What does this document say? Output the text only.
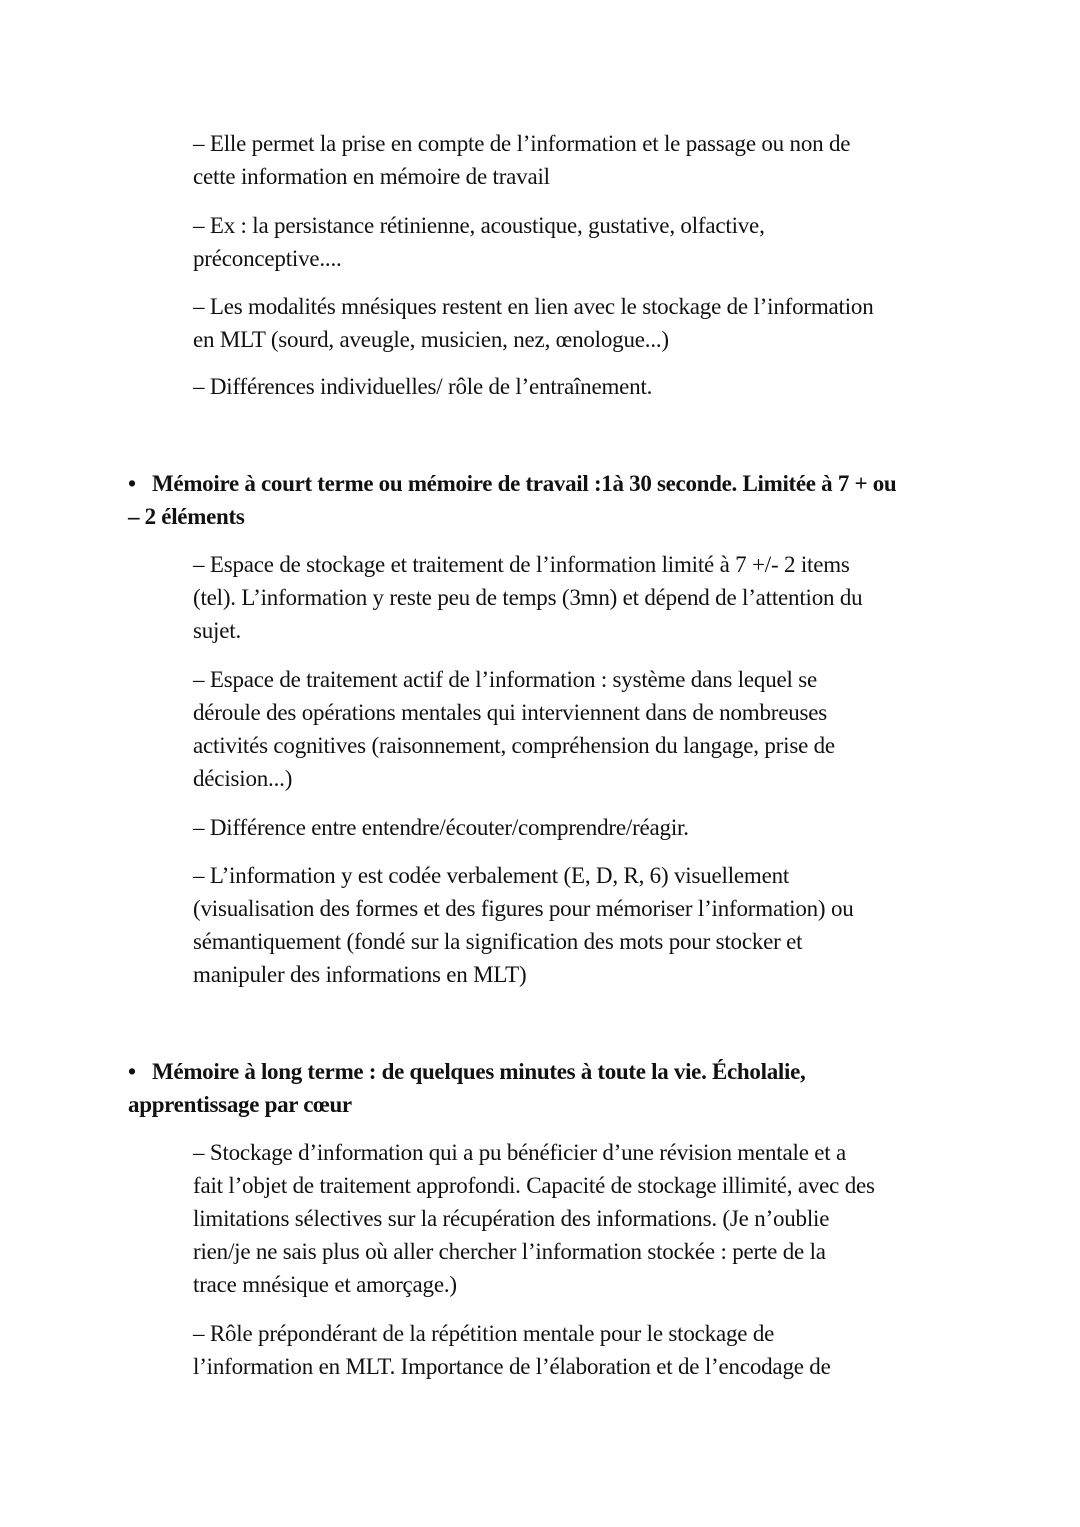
– Elle permet la prise en compte de l’information et le passage ou non de
cette information en mémoire de travail
– Ex : la persistance rétinienne, acoustique, gustative, olfactive,
préconceptive....
– Les modalités mnésiques restent en lien avec le stockage de l’information
en MLT (sourd, aveugle, musicien, nez, œnologue...)
– Différences individuelles/ rôle de l’entraînement.
• Mémoire à court terme ou mémoire de travail :1à 30 seconde. Limitée à 7 + ou
– 2 éléments
– Espace de stockage et traitement de l’information limité à 7 +/- 2 items
(tel). L’information y reste peu de temps (3mn) et dépend de l’attention du
sujet.
– Espace de traitement actif de l’information : système dans lequel se
déroule des opérations mentales qui interviennent dans de nombreuses
activités cognitives (raisonnement, compréhension du langage, prise de
décision...)
– Différence entre entendre/écouter/comprendre/réagir.
– L’information y est codée verbalement (E, D, R, 6) visuellement
(visualisation des formes et des figures pour mémoriser l’information) ou
sémantiquement (fondé sur la signification des mots pour stocker et
manipuler des informations en MLT)
• Mémoire à long terme : de quelques minutes à toute la vie. Écholalie,
apprentissage par cœur
– Stockage d’information qui a pu bénéficier d’une révision mentale et a
fait l’objet de traitement approfondi. Capacité de stockage illimité, avec des
limitations sélectives sur la récupération des informations. (Je n’oublie
rien/je ne sais plus où aller chercher l’information stockée : perte de la
trace mnésique et amorçage.)
– Rôle prépondérant de la répétition mentale pour le stockage de
l’information en MLT. Importance de l’élaboration et de l’encodage de
